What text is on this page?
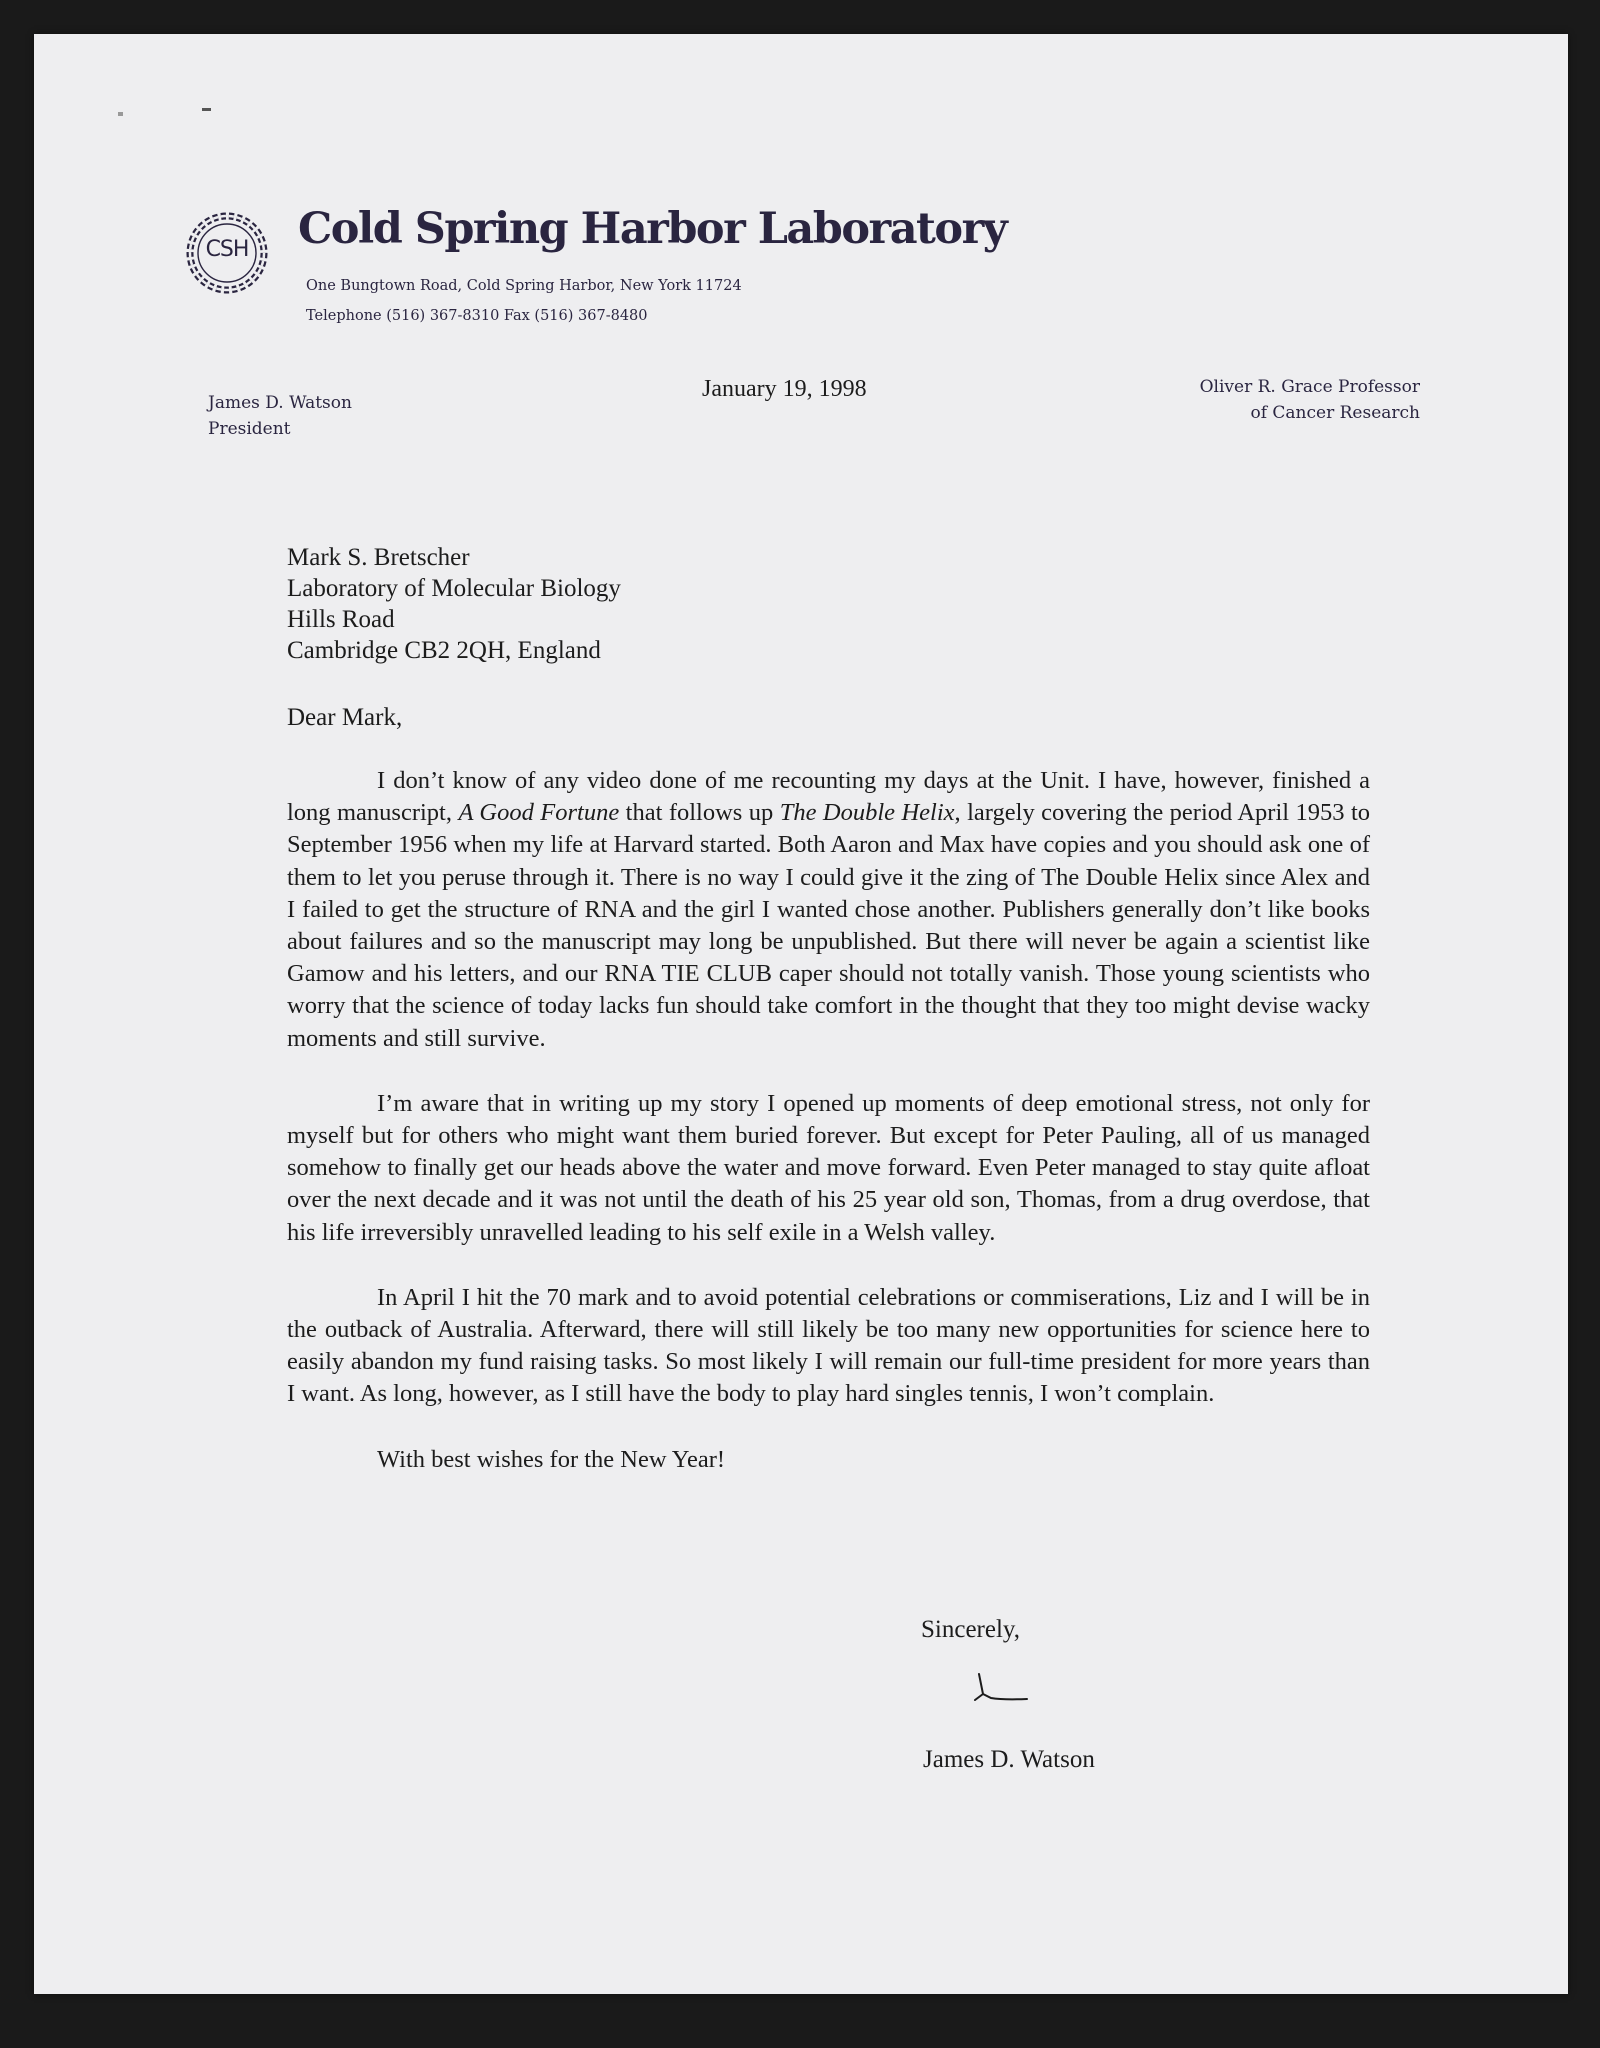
CSH	Cold Spring Harbor Laboratory
One Bungtown Road, Cold Spring Harbor, New York 11724
Telephone (516) 367-8310 Fax (516) 367-8480
James D. Watson
President
January 19, 1998	Oliver R. Grace Professor
of Cancer Research
Mark S. Bretscher
Laboratory of Molecular Biology
Hills Road
Cambridge CB2 2QH, England
Dear Mark,

I don’t know of any video done of me recounting my days at the Unit. I have, however, finished a long manuscript, A Good Fortune that follows up The Double Helix, largely covering the period April 1953 to September 1956 when my life at Harvard started. Both Aaron and Max have copies and you should ask one of them to let you peruse through it. There is no way I could give it the zing of The Double Helix since Alex and I failed to get the structure of RNA and the girl I wanted chose another. Publishers generally don’t like books about failures and so the manuscript may long be unpublished. But there will never be again a scientist like Gamow and his letters, and our RNA TIE CLUB caper should not totally vanish. Those young scientists who worry that the science of today lacks fun should take comfort in the thought that they too might devise wacky moments and still survive.

I’m aware that in writing up my story I opened up moments of deep emotional stress, not only for myself but for others who might want them buried forever. But except for Peter Pauling, all of us managed somehow to finally get our heads above the water and move forward. Even Peter managed to stay quite afloat over the next decade and it was not until the death of his 25 year old son, Thomas, from a drug overdose, that his life irreversibly unravelled leading to his self exile in a Welsh valley.

In April I hit the 70 mark and to avoid potential celebrations or commiserations, Liz and I will be in the outback of Australia. Afterward, there will still likely be too many new opportunities for science here to easily abandon my fund raising tasks. So most likely I will remain our full-time president for more years than I want. As long, however, as I still have the body to play hard singles tennis, I won’t complain.

With best wishes for the New Year!

Sincerely,
James D. Watson
